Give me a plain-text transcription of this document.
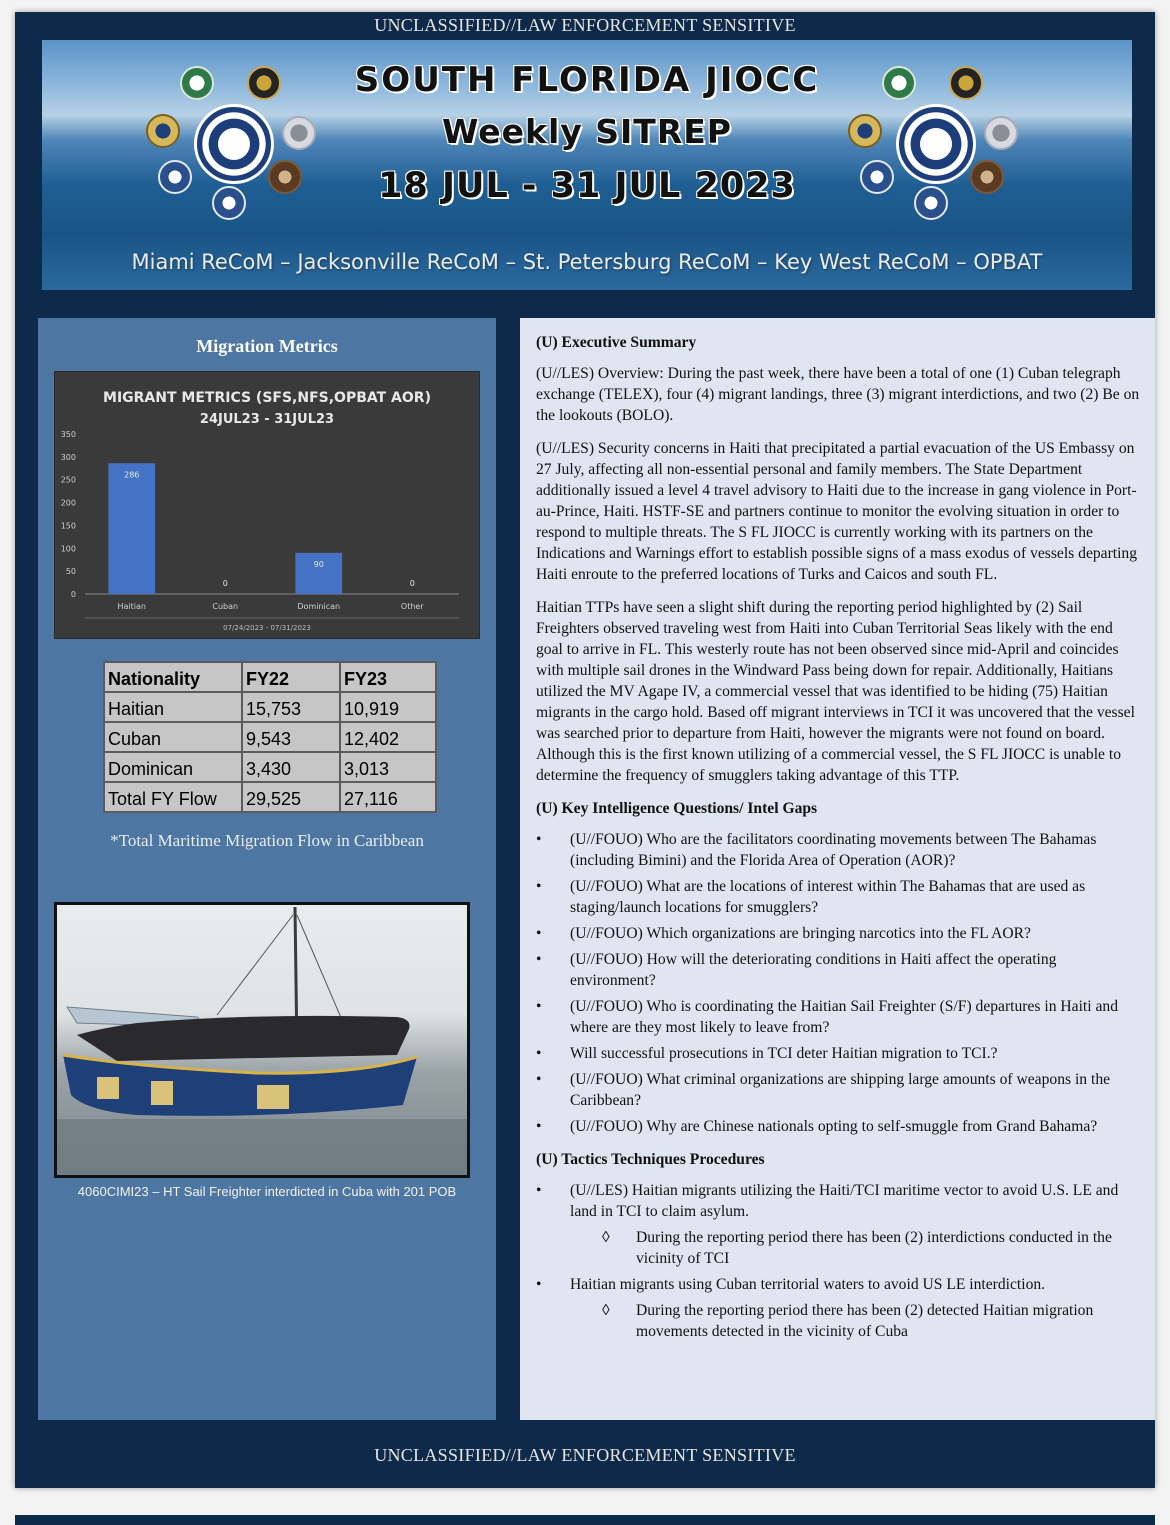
UNCLASSIFIED//LAW ENFORCEMENT SENSITIVE
SOUTH FLORIDA JIOCC
Weekly SITREP
18 JUL - 31 JUL 2023
Miami ReCoM – Jacksonville ReCoM – St. Petersburg ReCoM – Key West ReCoM – OPBAT
Migration Metrics
MIGRANT METRICS (SFS,NFS,OPBAT AOR)
24JUL23 - 31JUL23
0
50
100
150
200
250
300
350
286
Haitian
0
Cuban
90
Dominican
0
Other
07/24/2023 - 07/31/2023
Nationality	FY22	FY23
Haitian	15,753	10,919
Cuban	9,543	12,402
Dominican	3,430	3,013
Total FY Flow	29,525	27,116
*Total Maritime Migration Flow in Caribbean
4060CIMI23 – HT Sail Freighter interdicted in Cuba with 201 POB
(U) Executive Summary

(U//LES) Overview: During the past week, there have been a total of one (1) Cuban telegraph exchange (TELEX), four (4) migrant landings, three (3) migrant interdictions, and two (2) Be on the lookouts (BOLO).

(U//LES) Security concerns in Haiti that precipitated a partial evacuation of the US Embassy on 27 July, affecting all non-essential personal and family members. The State Department additionally issued a level 4 travel advisory to Haiti due to the increase in gang violence in Port-au-Prince, Haiti. HSTF-SE and partners continue to monitor the evolving situation in order to respond to multiple threats. The S FL JIOCC is currently working with its partners on the Indications and Warnings effort to establish possible signs of a mass exodus of vessels departing Haiti enroute to the preferred locations of Turks and Caicos and south FL.

Haitian TTPs have seen a slight shift during the reporting period highlighted by (2) Sail Freighters observed traveling west from Haiti into Cuban Territorial Seas likely with the end goal to arrive in FL. This westerly route has not been observed since mid-April and coincides with multiple sail drones in the Windward Pass being down for repair. Additionally, Haitians utilized the MV Agape IV, a commercial vessel that was identified to be hiding (75) Haitian migrants in the cargo hold. Based off migrant interviews in TCI it was uncovered that the vessel was searched prior to departure from Haiti, however the migrants were not found on board. Although this is the first known utilizing of a commercial vessel, the S FL JIOCC is unable to determine the frequency of smugglers taking advantage of this TTP.

(U) Key Intelligence Questions/ Intel Gaps
• (U//FOUO) Who are the facilitators coordinating movements between The Bahamas (including Bimini) and the Florida Area of Operation (AOR)?
• (U//FOUO) What are the locations of interest within The Bahamas that are used as staging/launch locations for smugglers?
• (U//FOUO) Which organizations are bringing narcotics into the FL AOR?
• (U//FOUO) How will the deteriorating conditions in Haiti affect the operating environment?
• (U//FOUO) Who is coordinating the Haitian Sail Freighter (S/F) departures in Haiti and where are they most likely to leave from?
• Will successful prosecutions in TCI deter Haitian migration to TCI.?
• (U//FOUO) What criminal organizations are shipping large amounts of weapons in the Caribbean?
• (U//FOUO) Why are Chinese nationals opting to self-smuggle from Grand Bahama?
(U) Tactics Techniques Procedures
• (U//LES) Haitian migrants utilizing the Haiti/TCI maritime vector to avoid U.S. LE and land in TCI to claim asylum.
◊ During the reporting period there has been (2) interdictions conducted in the vicinity of TCI
• Haitian migrants using Cuban territorial waters to avoid US LE interdiction.
◊ During the reporting period there has been (2) detected Haitian migration movements detected in the vicinity of Cuba
UNCLASSIFIED//LAW ENFORCEMENT SENSITIVE
